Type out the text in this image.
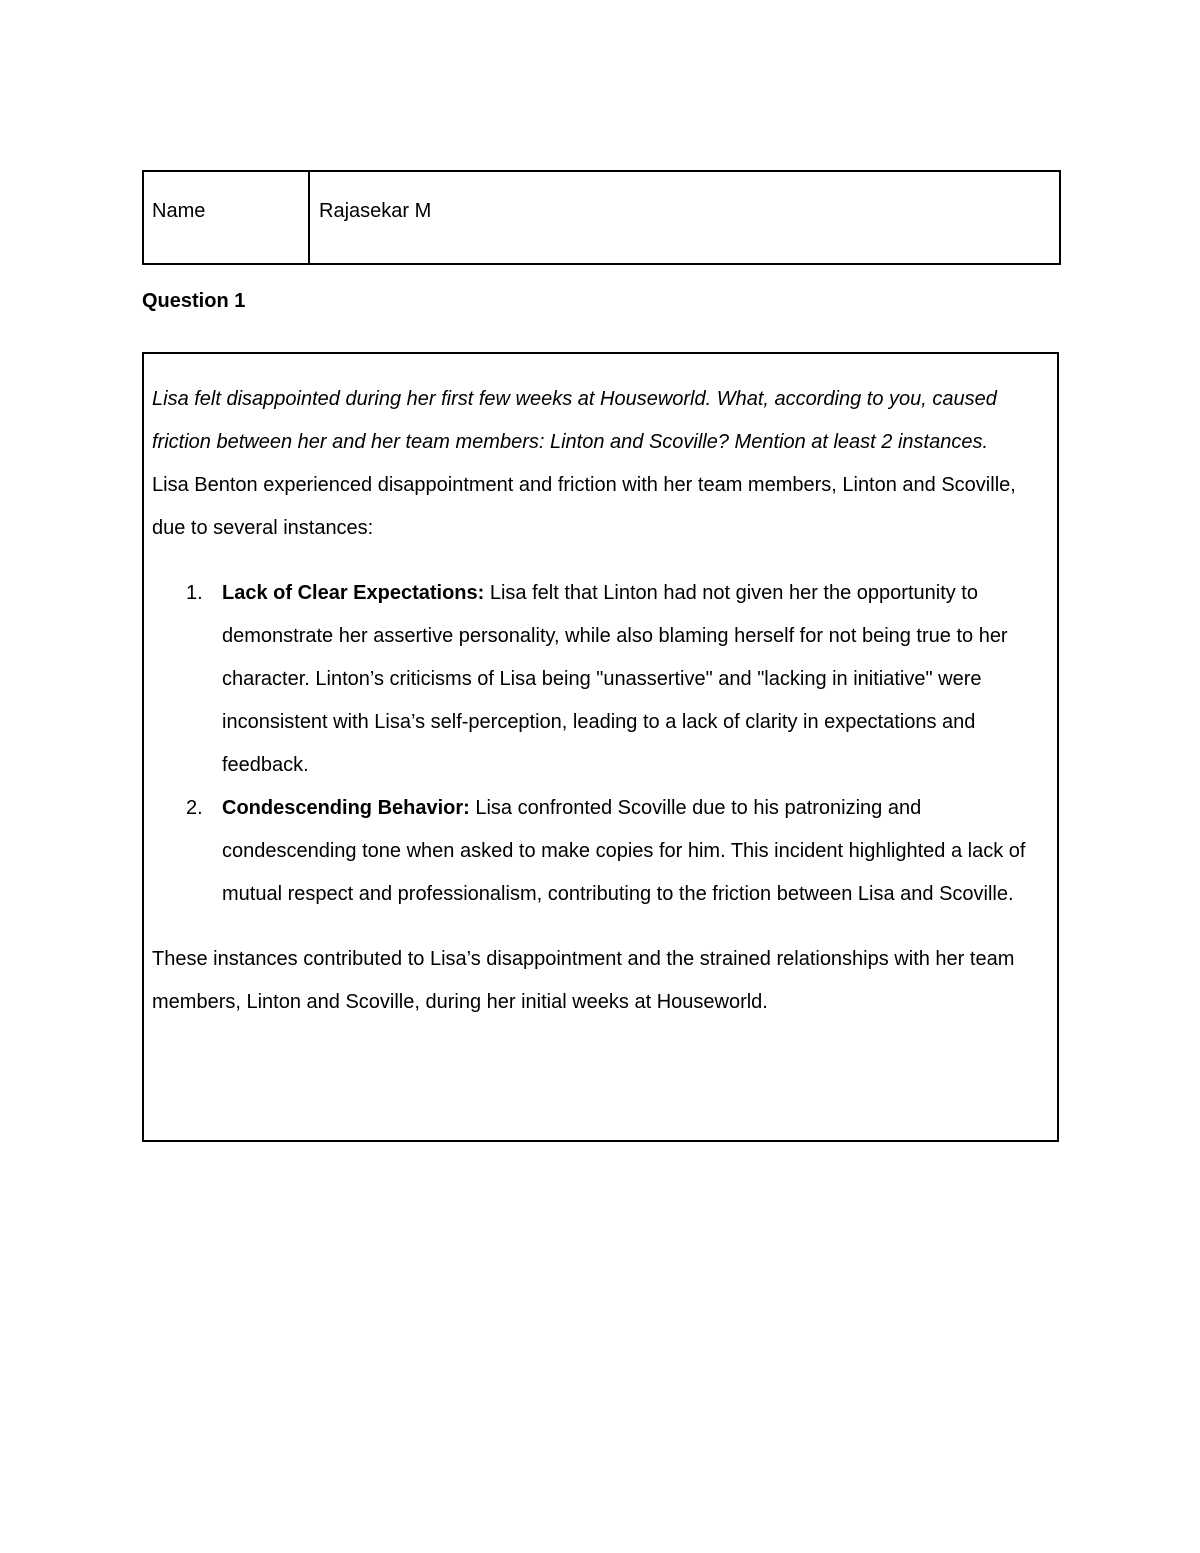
Name	Rajasekar M
Question 1

Lisa felt disappointed during her first few weeks at Houseworld. What, according to you, caused friction between her and her team members: Linton and Scoville? Mention at least 2 instances.

Lisa Benton experienced disappointment and friction with her team members, Linton and Scoville, due to several instances:

1. Lack of Clear Expectations: Lisa felt that Linton had not given her the opportunity to demonstrate her assertive personality, while also blaming herself for not being true to her character. Linton’s criticisms of Lisa being "unassertive" and "lacking in initiative" were inconsistent with Lisa’s self-perception, leading to a lack of clarity in expectations and feedback.
2. Condescending Behavior: Lisa confronted Scoville due to his patronizing and condescending tone when asked to make copies for him. This incident highlighted a lack of mutual respect and professionalism, contributing to the friction between Lisa and Scoville.

These instances contributed to Lisa’s disappointment and the strained relationships with her team members, Linton and Scoville, during her initial weeks at Houseworld.
